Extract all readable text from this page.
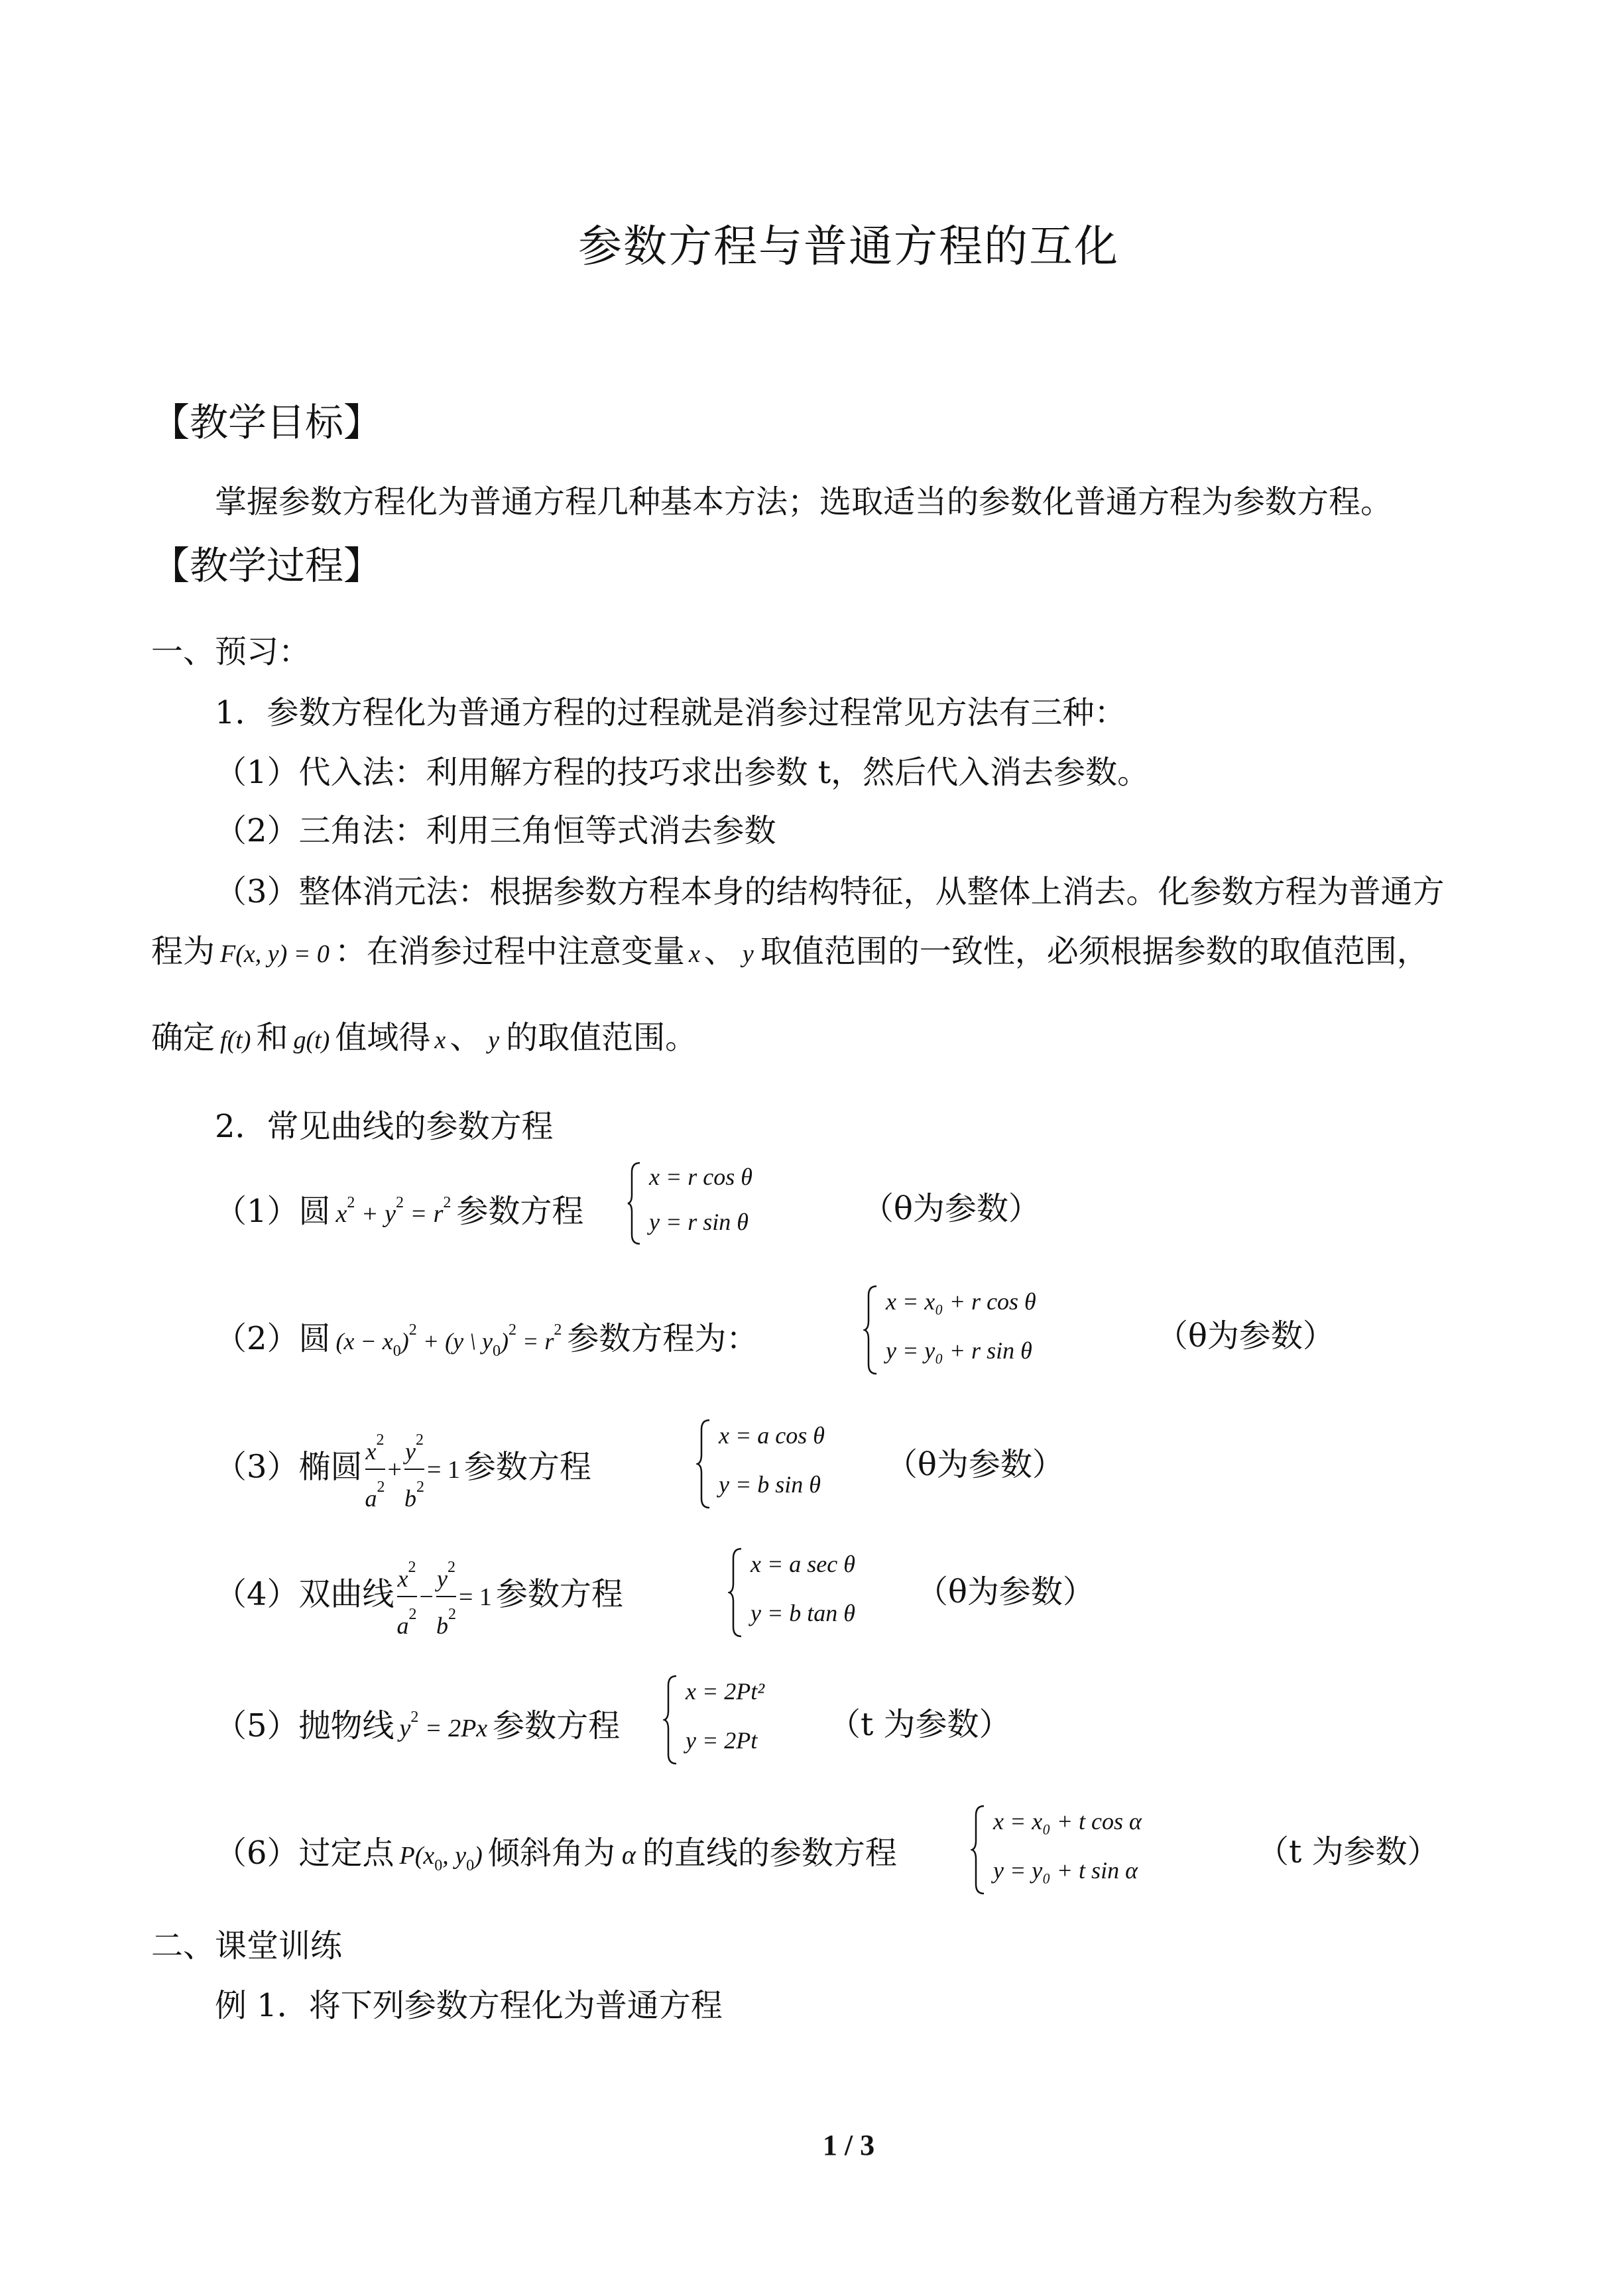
参数方程与普通方程的互化
【教学目标】
掌握参数方程化为普通方程几种基本方法；选取适当的参数化普通方程为参数方程。
【教学过程】
一、预习：
1．参数方程化为普通方程的过程就是消参过程常见方法有三种：
（1）代入法：利用解方程的技巧求出参数 t，然后代入消去参数。
（2）三角法：利用三角恒等式消去参数
（3）整体消元法：根据参数方程本身的结构特征，从整体上消去。化参数方程为普通方
程为 F(x, y) = 0 ：在消参过程中注意变量 x 、 y 取值范围的一致性，必须根据参数的取值范围，
确定 f(t) 和 g(t) 值域得 x 、 y 的取值范围。
2．常见曲线的参数方程
（1）圆 $x^2 + y^2 = r^2$ 参数方程
x = r cos θ
y = r sin θ	（θ为参数）
（2）圆 $(x - x_0)^2 + (y$ \ $y_0)^2 = r^2$ 参数方程为：
x = x₀ + r cos θ
y = y₀ + r sin θ	（θ为参数）
（3）椭圆 $\frac{x^2}{a^2} + \frac{y^2}{b^2} = 1$ 参数方程
x = a cos θ
y = b sin θ
（θ为参数）
（4）双曲线 $\frac{x^2}{a^2} - \frac{y^2}{b^2} = 1$ 参数方程
x = a sec θ
y = b tan θ
（θ为参数）
（5）抛物线 $y^2 = 2Px$ 参数方程
x = 2Pt²
y = 2Pt （t 为参数）
（6）过定点 $P(x_0$, $y_0$) 倾斜角为 α 的直线的参数方程
x = x₀ + t cos α
y = y₀ + t sin α	（t 为参数）
二、课堂训练
例 1．将下列参数方程化为普通方程
1 / 3
